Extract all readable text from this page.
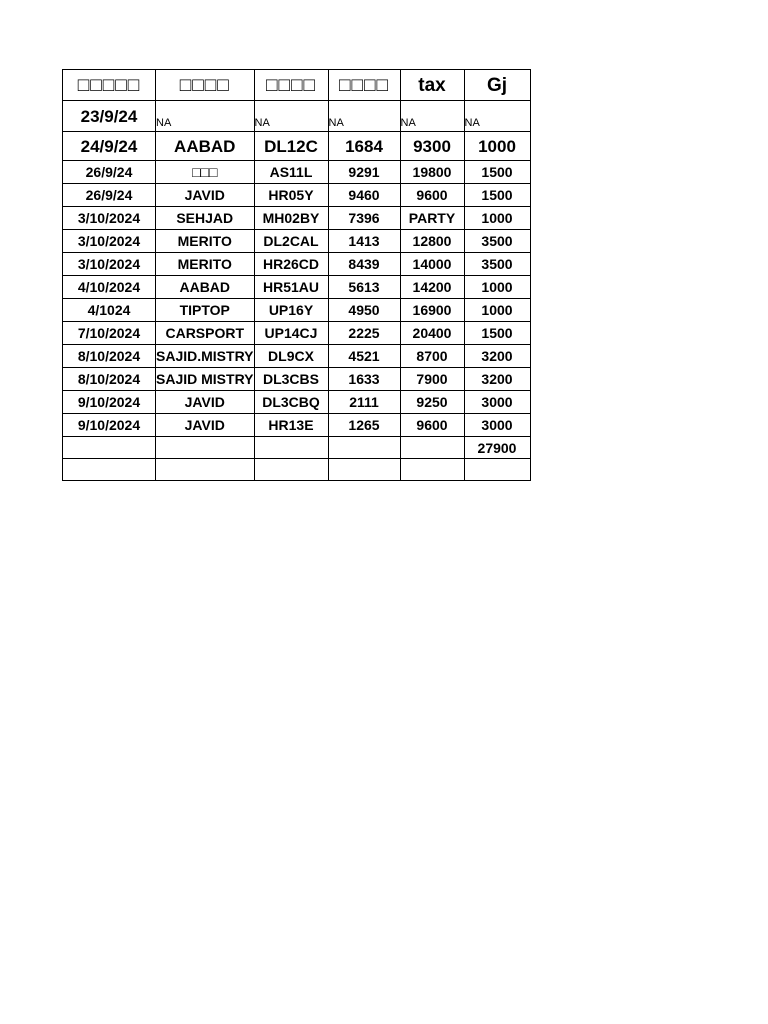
□□□□□	□□□□	□□□□	□□□□	tax	Gj
23/9/24	NA	NA	NA	NA	NA
24/9/24	AABAD	DL12C	1684	9300	1000
26/9/24	□□□	AS11L	9291	19800	1500
26/9/24	JAVID	HR05Y	9460	9600	1500
3/10/2024	SEHJAD	MH02BY	7396	PARTY	1000
3/10/2024	MERITO	DL2CAL	1413	12800	3500
3/10/2024	MERITO	HR26CD	8439	14000	3500
4/10/2024	AABAD	HR51AU	5613	14200	1000
4/1024	TIPTOP	UP16Y	4950	16900	1000
7/10/2024	CARSPORT	UP14CJ	2225	20400	1500
8/10/2024	SAJID.MISTRY	DL9CX	4521	8700	3200
8/10/2024	SAJID MISTRY	DL3CBS	1633	7900	3200
9/10/2024	JAVID	DL3CBQ	2111	9250	3000
9/10/2024	JAVID	HR13E	1265	9600	3000
					27900
